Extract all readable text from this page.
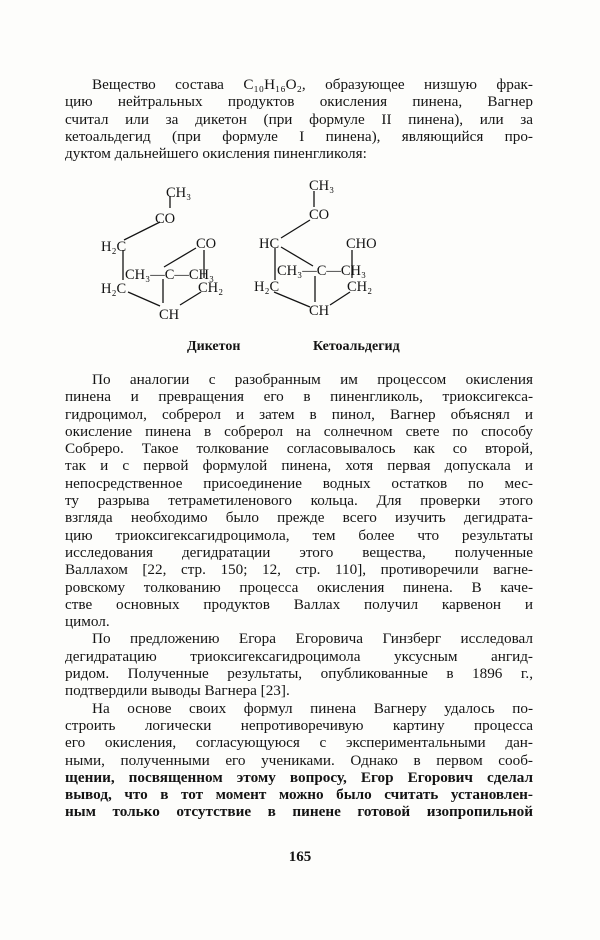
Вещество состава C₁₀H₁₆O₂, образующее низшую фрак-
цию нейтральных продуктов окисления пинена, Вагнер
считал или за дикетон (при формуле II пинена), или за
кетоальдегид (при формуле I пинена), являющийся про-
дуктом дальнейшего окисления пиненгликоля:
CH₃
CO
H₂C	CO
CH₃—C—CH₃
H₂C	CH₂
CH
Дикетон
CH₃
CO
HC	CHO
CH₃—C—CH₃
H₂C	CH₂
CH
Кетоальдегид
По аналогии с разобранным им процессом окисления
пинена и превращения его в пиненгликоль, триоксигекса-
гидроцимол, собрерол и затем в пинол, Вагнер объяснял и
окисление пинена в собрерол на солнечном свете по способу
Собреро. Такое толкование согласовывалось как со второй,
так и с первой формулой пинена, хотя первая допускала и
непосредственное присоединение водных остатков по мес-
ту разрыва тетраметиленового кольца. Для проверки этого
взгляда необходимо было прежде всего изучить дегидрата-
цию триоксигексагидроцимола, тем более что результаты
исследования дегидратации этого вещества, полученные
Валлахом [22, стр. 150; 12, стр. 110], противоречили вагне-
ровскому толкованию процесса окисления пинена. В каче-
стве основных продуктов Валлах получил карвенон и
цимол.
По предложению Егора Егоровича Гинзберг исследовал
дегидратацию триоксигексагидроцимола уксусным ангид-
ридом. Полученные результаты, опубликованные в 1896 г.,
подтвердили выводы Вагнера [23].
На основе своих формул пинена Вагнеру удалось по-
строить логически непротиворечивую картину процесса
его окисления, согласующуюся с экспериментальными дан-
ными, полученными его учениками. Однако в первом сооб-
щении, посвященном этому вопросу, Егор Егорович сделал
вывод, что в тот момент можно было считать установлен-
ным только отсутствие в пинене готовой изопропильной
165
